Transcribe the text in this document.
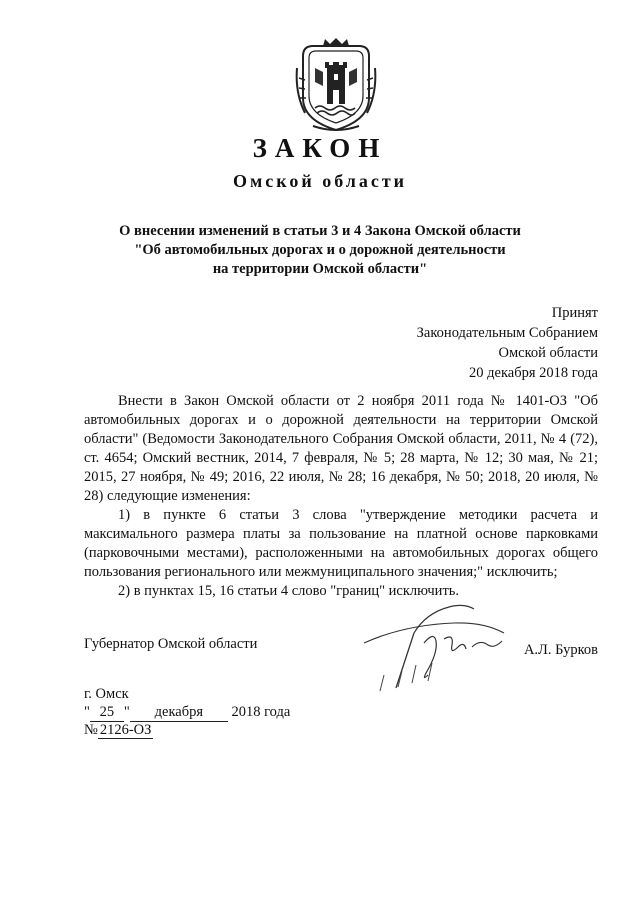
ЗАКОН
Омской области
О внесении изменений в статьи 3 и 4 Закона Омской области
"Об автомобильных дорогах и о дорожной деятельности
на территории Омской области"
Принят
Законодательным Собранием
Омской области
20 декабря 2018 года

Внести в Закон Омской области от 2 ноября 2011 года № 1401-ОЗ "Об автомобильных дорогах и о дорожной деятельности на территории Омской области" (Ведомости Законодательного Собрания Омской области, 2011, № 4 (72), ст. 4654; Омский вестник, 2014, 7 февраля, № 5; 28 марта, № 12; 30 мая, № 21; 2015, 27 ноября, № 49; 2016, 22 июля, № 28; 16 декабря, № 50; 2018, 20 июля, № 28) следующие изменения:

1) в пункте 6 статьи 3 слова "утверждение методики расчета и максимального размера платы за пользование на платной основе парковками (парковочными местами), расположенными на автомобильных дорогах общего пользования регионального или межмуниципального значения;" исключить;

2) в пунктах 15, 16 статьи 4 слово "границ" исключить.

Губернатор Омской области	А.Л. Бурков
г. Омск
" 25 " декабря 2018 года
№ 2126-ОЗ
